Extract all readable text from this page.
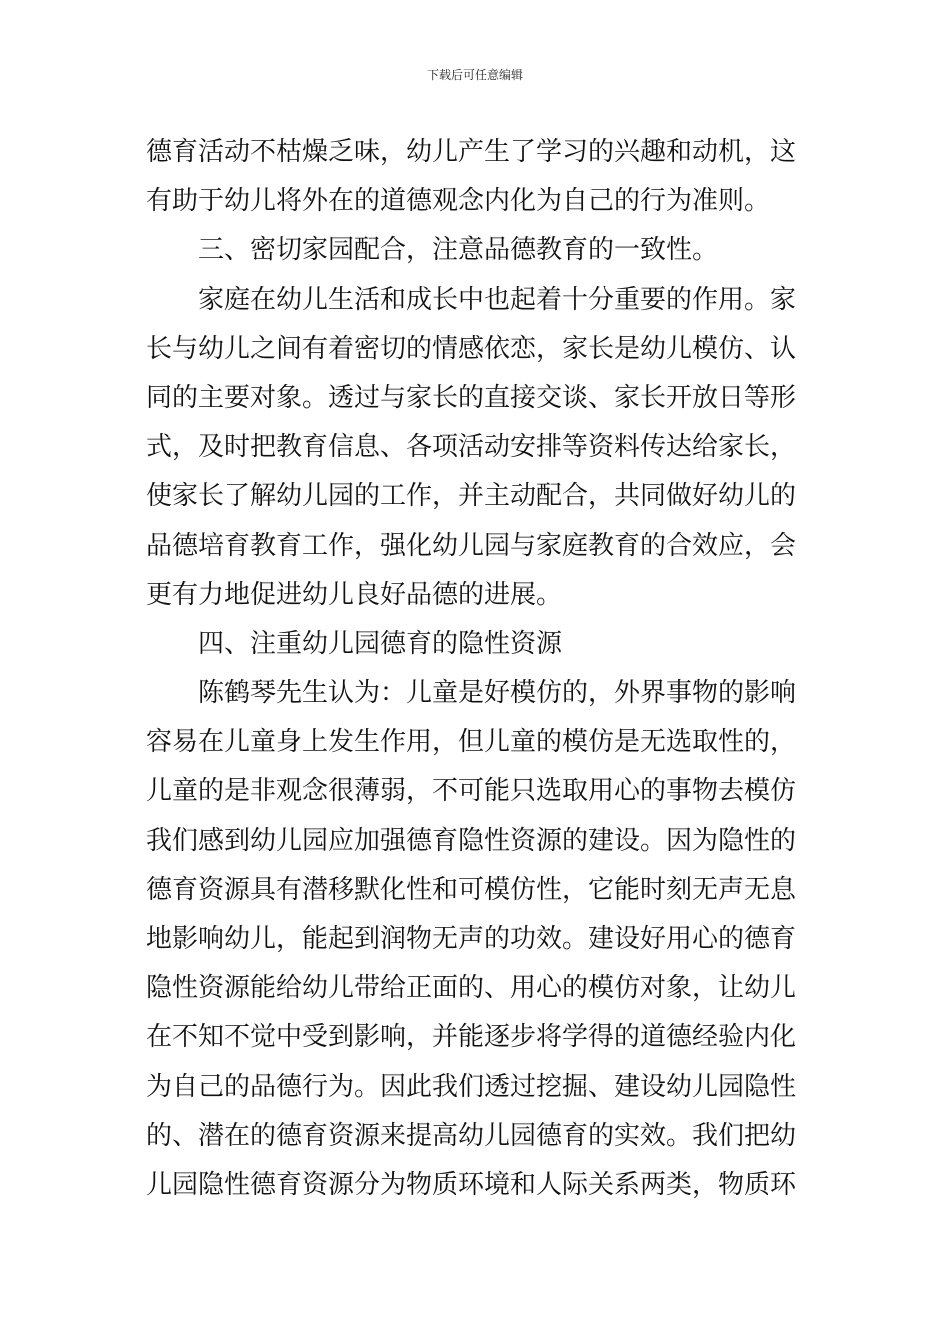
下载后可任意编辑
德育活动不枯燥乏味，幼儿产生了学习的兴趣和动机，这
有助于幼儿将外在的道德观念内化为自己的行为准则。
三、密切家园配合，注意品德教育的一致性。
家庭在幼儿生活和成长中也起着十分重要的作用。家
长与幼儿之间有着密切的情感依恋，家长是幼儿模仿、认
同的主要对象。透过与家长的直接交谈、家长开放日等形
式，及时把教育信息、各项活动安排等资料传达给家长，
使家长了解幼儿园的工作，并主动配合，共同做好幼儿的
品德培育教育工作，强化幼儿园与家庭教育的合效应，会
更有力地促进幼儿良好品德的进展。
四、注重幼儿园德育的隐性资源
陈鹤琴先生认为：儿童是好模仿的，外界事物的影响
容易在儿童身上发生作用，但儿童的模仿是无选取性的，
儿童的是非观念很薄弱，不可能只选取用心的事物去模仿
我们感到幼儿园应加强德育隐性资源的建设。因为隐性的
德育资源具有潜移默化性和可模仿性，它能时刻无声无息
地影响幼儿，能起到润物无声的功效。建设好用心的德育
隐性资源能给幼儿带给正面的、用心的模仿对象，让幼儿
在不知不觉中受到影响，并能逐步将学得的道德经验内化
为自己的品德行为。因此我们透过挖掘、建设幼儿园隐性
的、潜在的德育资源来提高幼儿园德育的实效。我们把幼
儿园隐性德育资源分为物质环境和人际关系两类，物质环
